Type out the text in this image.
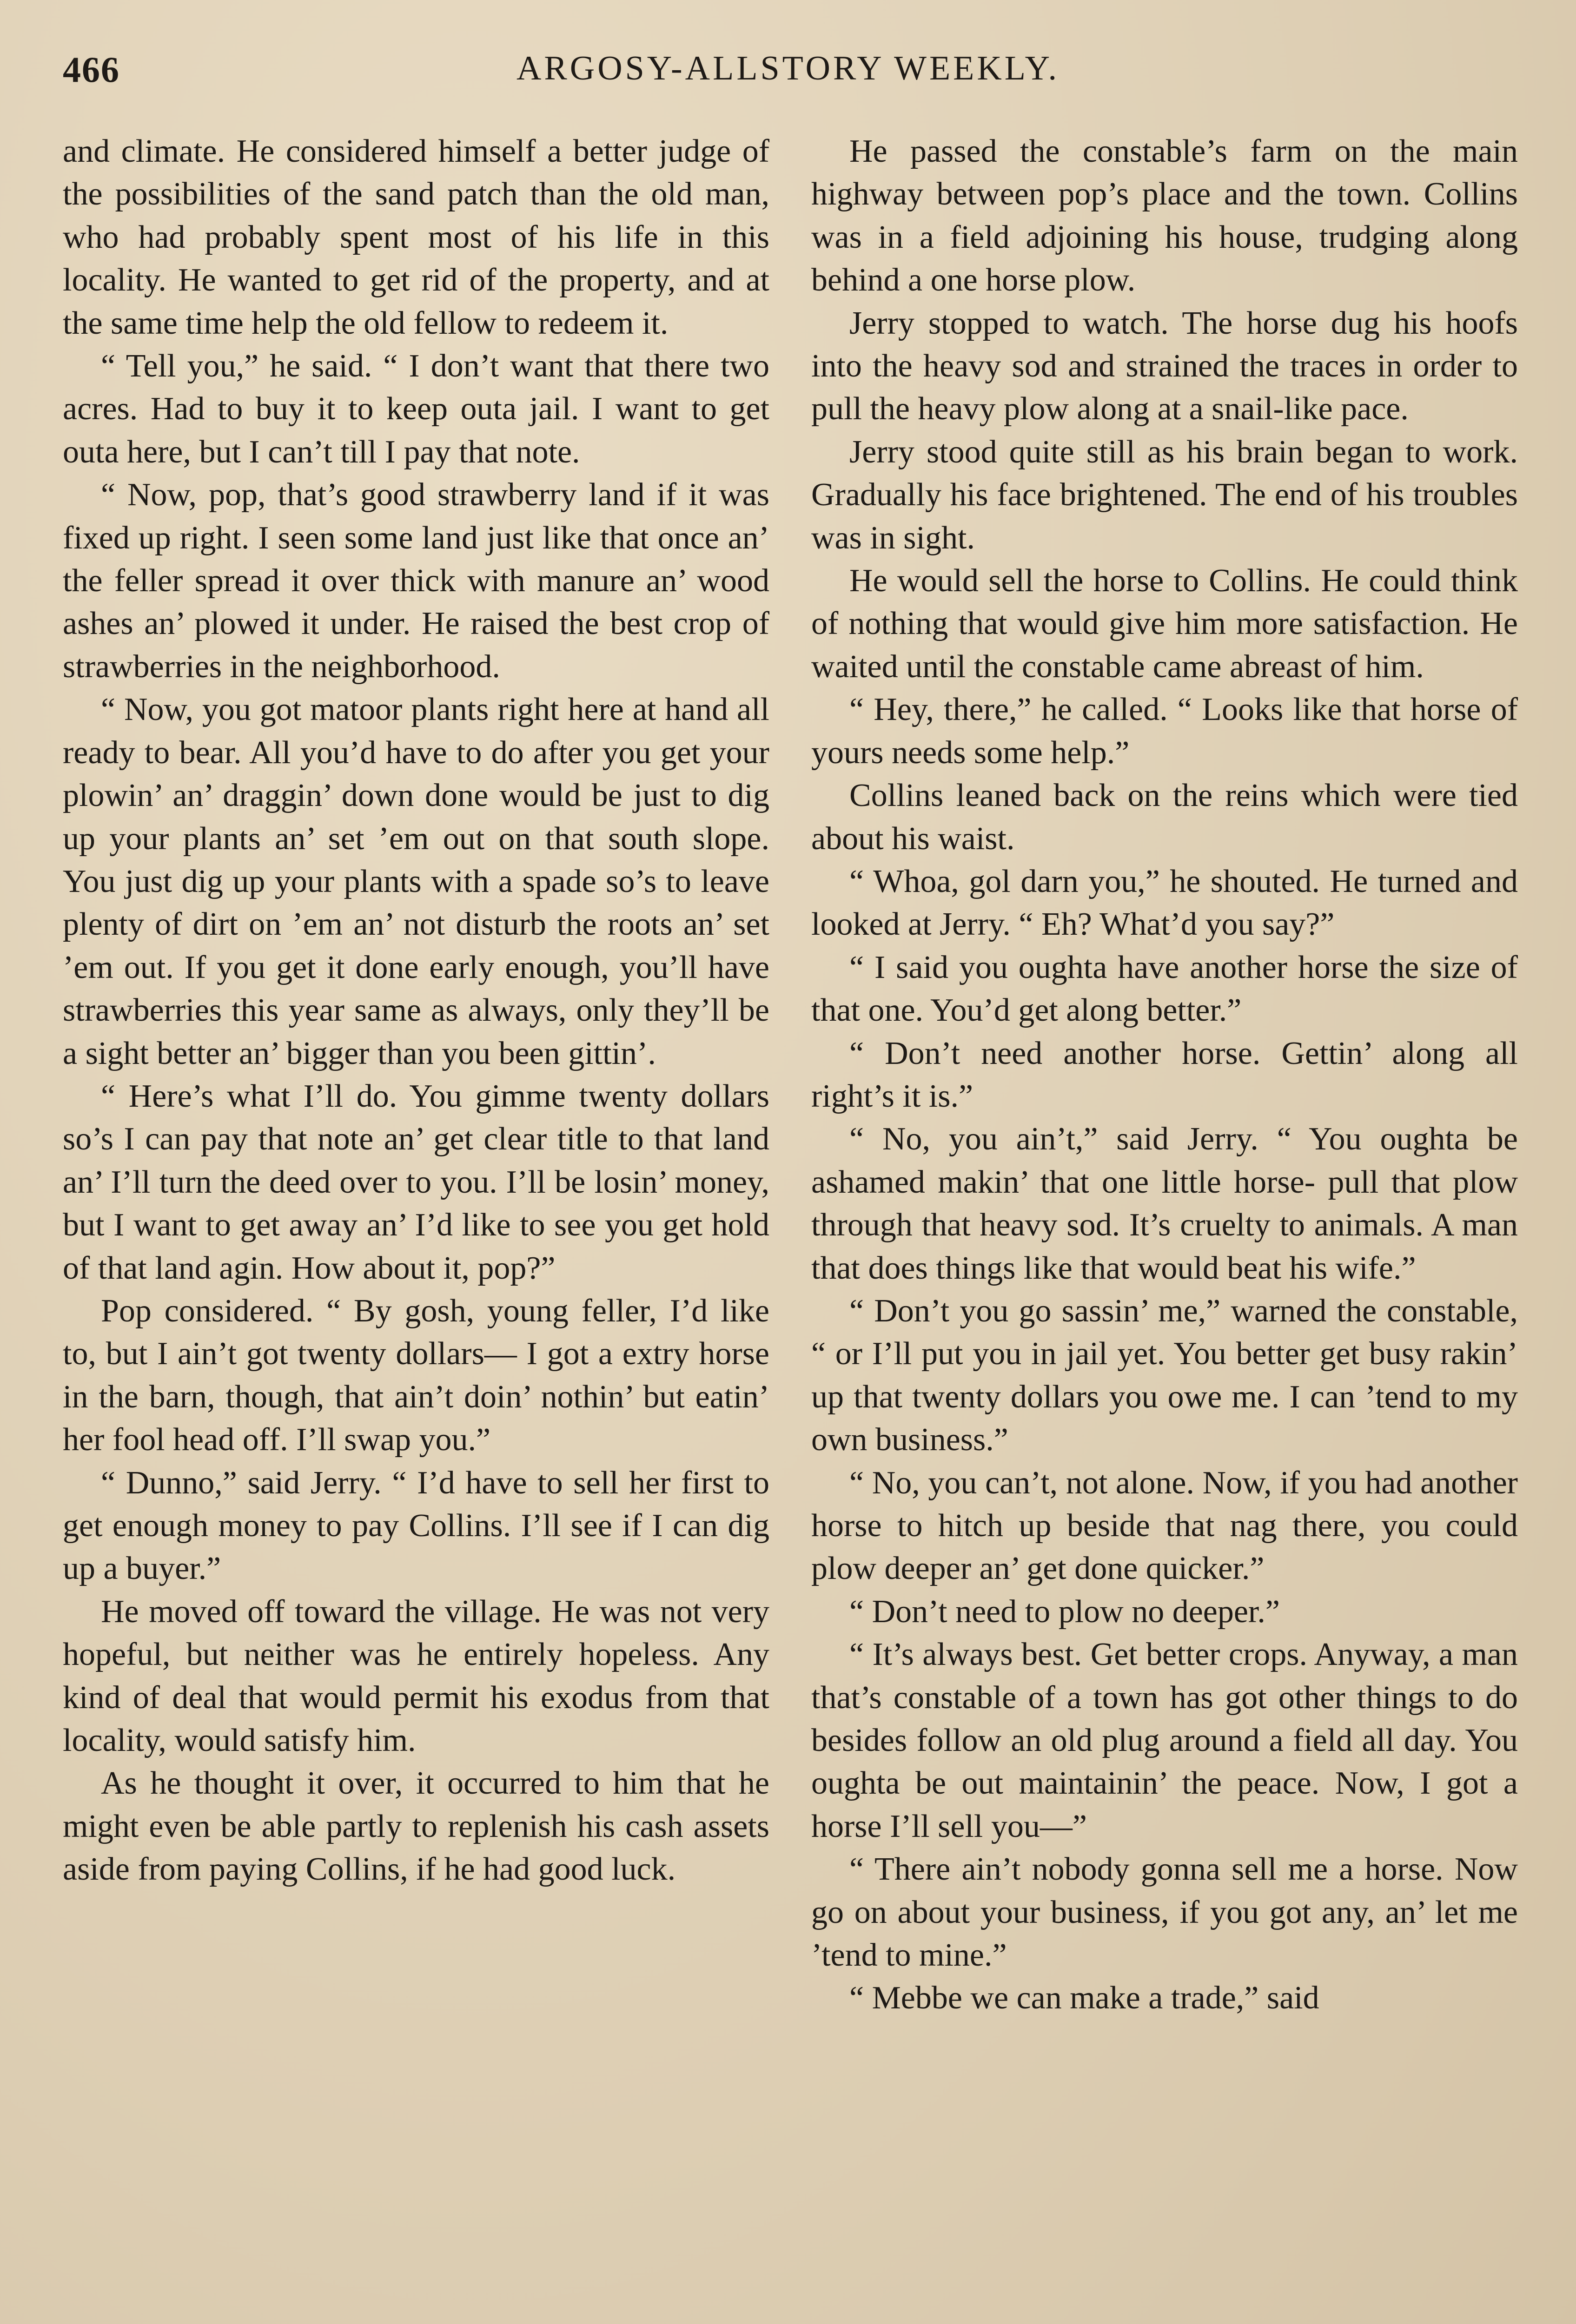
466	ARGOSY-ALLSTORY WEEKLY.

and climate. He considered himself a better judge of the possibilities of the sand patch than the old man, who had probably spent most of his life in this locality. He wanted to get rid of the property, and at the same time help the old fellow to redeem it.

“ Tell you,” he said. “ I don’t want that there two acres. Had to buy it to keep outa jail. I want to get outa here, but I can’t till I pay that note.

“ Now, pop, that’s good strawberry land if it was fixed up right. I seen some land just like that once an’ the feller spread it over thick with manure an’ wood ashes an’ plowed it under. He raised the best crop of strawberries in the neighborhood.

“ Now, you got matoor plants right here at hand all ready to bear. All you’d have to do after you get your plowin’ an’ draggin’ down done would be just to dig up your plants an’ set ’em out on that south slope. You just dig up your plants with a spade so’s to leave plenty of dirt on ’em an’ not disturb the roots an’ set ’em out. If you get it done early enough, you’ll have strawberries this year same as always, only they’ll be a sight better an’ bigger than you been gittin’.

“ Here’s what I’ll do. You gimme twenty dollars so’s I can pay that note an’ get clear title to that land an’ I’ll turn the deed over to you. I’ll be losin’ money, but I want to get away an’ I’d like to see you get hold of that land agin. How about it, pop?”

Pop considered. “ By gosh, young feller, I’d like to, but I ain’t got twenty dollars— I got a extry horse in the barn, though, that ain’t doin’ nothin’ but eatin’ her fool head off. I’ll swap you.”

“ Dunno,” said Jerry. “ I’d have to sell her first to get enough money to pay Collins. I’ll see if I can dig up a buyer.”

He moved off toward the village. He was not very hopeful, but neither was he entirely hopeless. Any kind of deal that would permit his exodus from that locality, would satisfy him.

As he thought it over, it occurred to him that he might even be able partly to replenish his cash assets aside from paying Collins, if he had good luck.

He passed the constable’s farm on the main highway between pop’s place and the town. Collins was in a field adjoining his house, trudging along behind a one horse plow.

Jerry stopped to watch. The horse dug his hoofs into the heavy sod and strained the traces in order to pull the heavy plow along at a snail-like pace.

Jerry stood quite still as his brain began to work. Gradually his face brightened. The end of his troubles was in sight.

He would sell the horse to Collins. He could think of nothing that would give him more satisfaction. He waited until the constable came abreast of him.

“ Hey, there,” he called. “ Looks like that horse of yours needs some help.”

Collins leaned back on the reins which were tied about his waist.

“ Whoa, gol darn you,” he shouted. He turned and looked at Jerry. “ Eh? What’d you say?”

“ I said you oughta have another horse the size of that one. You’d get along better.”

“ Don’t need another horse. Gettin’ along all right’s it is.”

“ No, you ain’t,” said Jerry. “ You oughta be ashamed makin’ that one little horse- pull that plow through that heavy sod. It’s cruelty to animals. A man that does things like that would beat his wife.”

“ Don’t you go sassin’ me,” warned the constable, “ or I’ll put you in jail yet. You better get busy rakin’ up that twenty dollars you owe me. I can ’tend to my own business.”

“ No, you can’t, not alone. Now, if you had another horse to hitch up beside that nag there, you could plow deeper an’ get done quicker.”

“ Don’t need to plow no deeper.”

“ It’s always best. Get better crops. Anyway, a man that’s constable of a town has got other things to do besides follow an old plug around a field all day. You oughta be out maintainin’ the peace. Now, I got a horse I’ll sell you—”

“ There ain’t nobody gonna sell me a horse. Now go on about your business, if you got any, an’ let me ’tend to mine.”

“ Mebbe we can make a trade,” said
